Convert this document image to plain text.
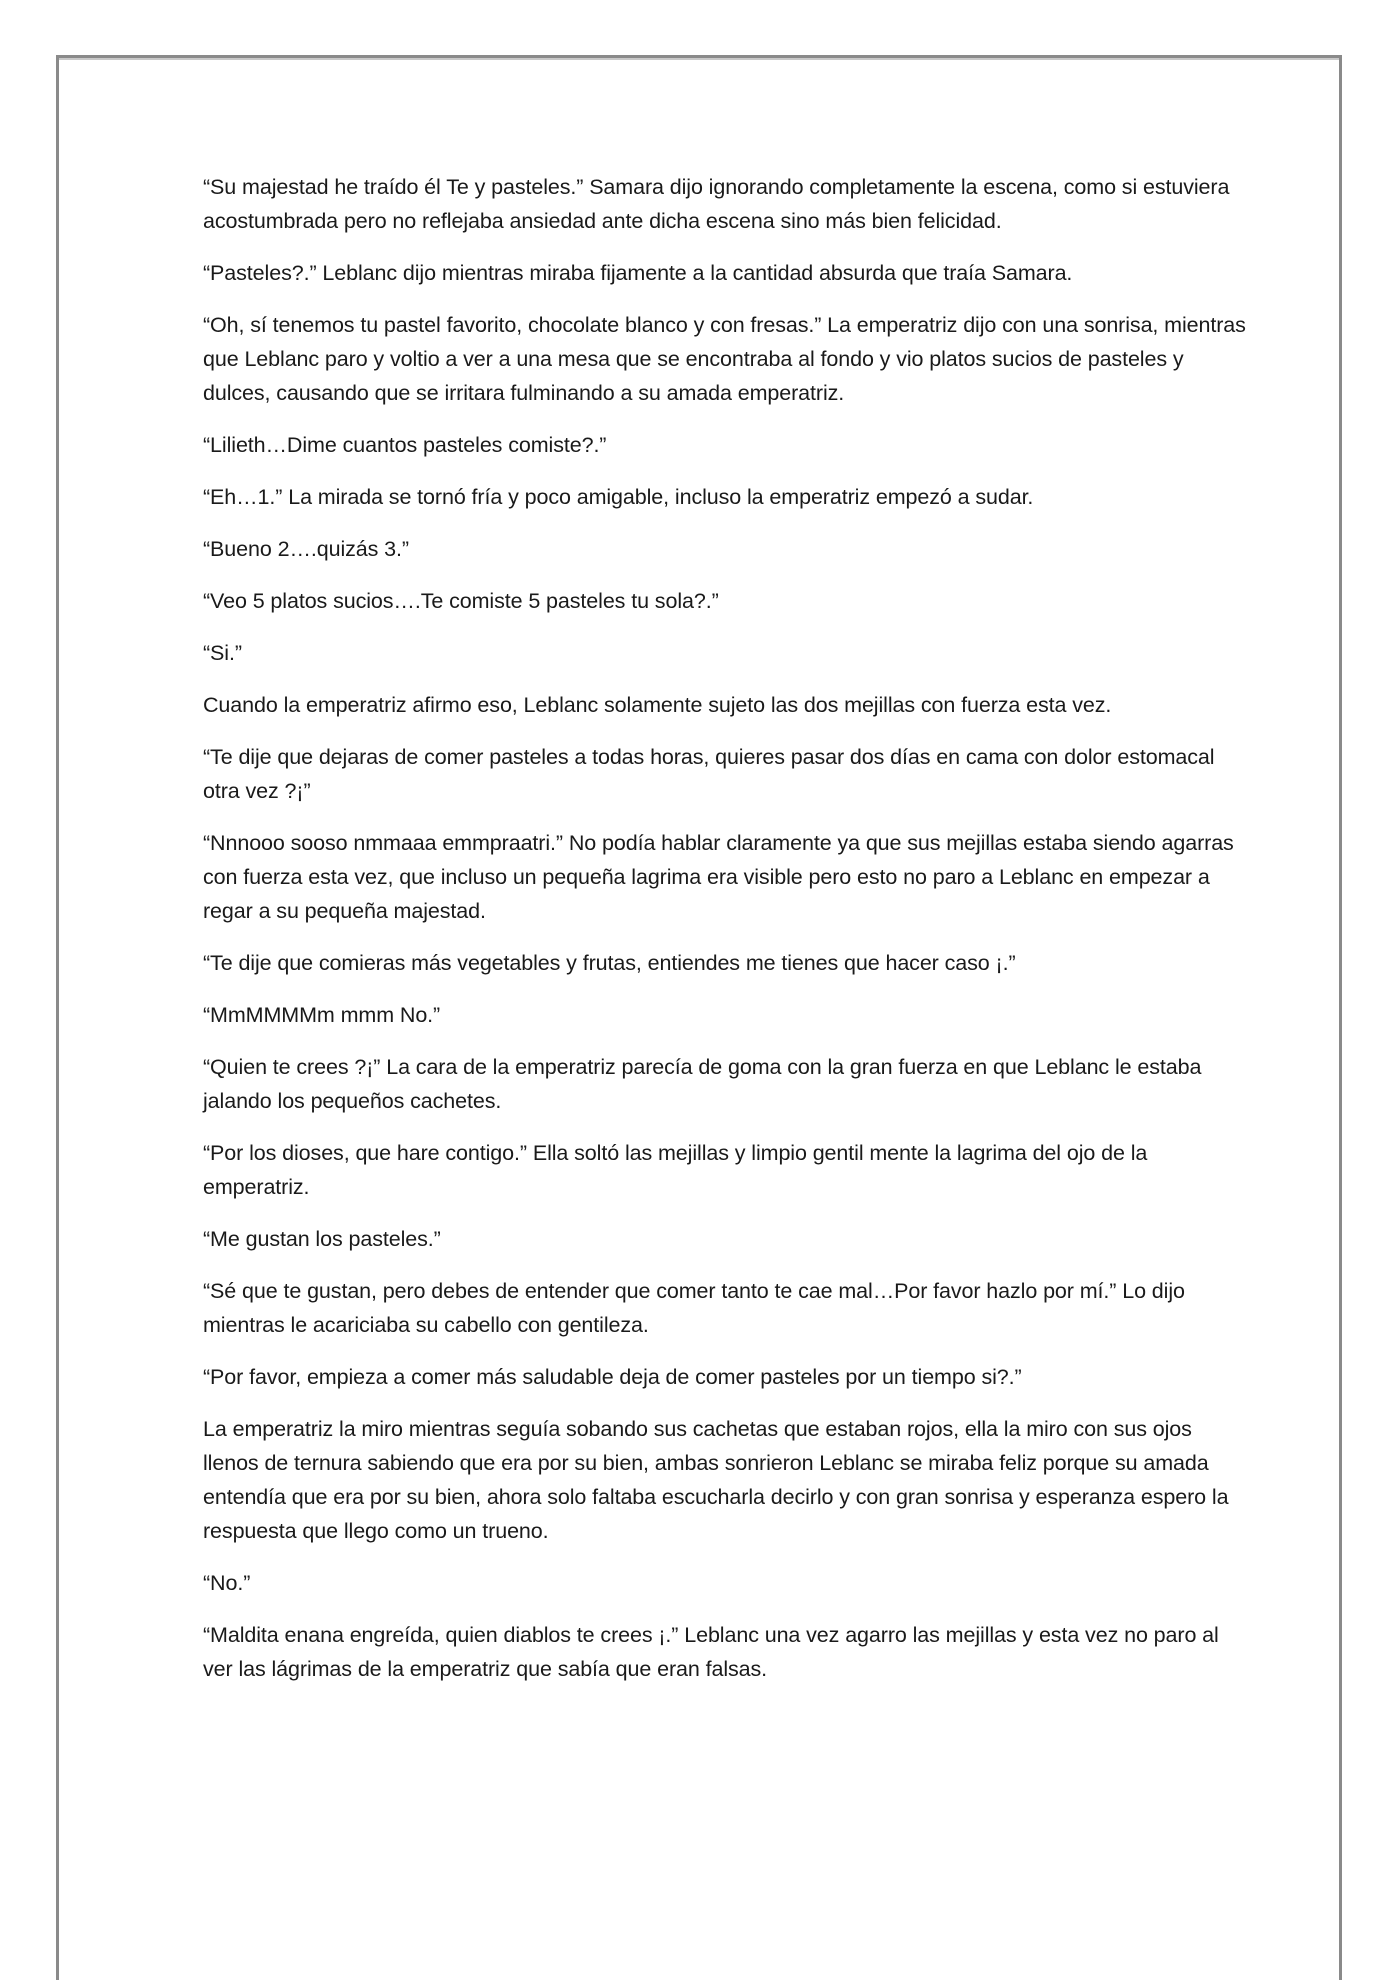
“Su majestad he traído él Te y pasteles.” Samara dijo ignorando completamente la escena, como si estuviera acostumbrada pero no reflejaba ansiedad ante dicha escena sino más bien felicidad.

“Pasteles?.” Leblanc dijo mientras miraba fijamente a la cantidad absurda que traía Samara.

“Oh, sí tenemos tu pastel favorito, chocolate blanco y con fresas.” La emperatriz dijo con una sonrisa, mientras que Leblanc paro y voltio a ver a una mesa que se encontraba al fondo y vio platos sucios de pasteles y dulces, causando que se irritara fulminando a su amada emperatriz.

“Lilieth…Dime cuantos pasteles comiste?.”

“Eh…1.” La mirada se tornó fría y poco amigable, incluso la emperatriz empezó a sudar.

“Bueno 2….quizás 3.”

“Veo 5 platos sucios….Te comiste 5 pasteles tu sola?.”

“Si.”

Cuando la emperatriz afirmo eso, Leblanc solamente sujeto las dos mejillas con fuerza esta vez.

“Te dije que dejaras de comer pasteles a todas horas, quieres pasar dos días en cama con dolor estomacal otra vez ?¡”

“Nnnooo sooso nmmaaa emmpraatri.” No podía hablar claramente ya que sus mejillas estaba siendo agarras con fuerza esta vez, que incluso un pequeña lagrima era visible pero esto no paro a Leblanc en empezar a regar a su pequeña majestad.

“Te dije que comieras más vegetables y frutas, entiendes me tienes que hacer caso ¡.”

“MmMMMMm mmm No.”

“Quien te crees ?¡” La cara de la emperatriz parecía de goma con la gran fuerza en que Leblanc le estaba jalando los pequeños cachetes.

“Por los dioses, que hare contigo.” Ella soltó las mejillas y limpio gentil mente la lagrima del ojo de la emperatriz.

“Me gustan los pasteles.”

“Sé que te gustan, pero debes de entender que comer tanto te cae mal…Por favor hazlo por mí.” Lo dijo mientras le acariciaba su cabello con gentileza.

“Por favor, empieza a comer más saludable deja de comer pasteles por un tiempo si?.”

La emperatriz la miro mientras seguía sobando sus cachetas que estaban rojos, ella la miro con sus ojos llenos de ternura sabiendo que era por su bien, ambas sonrieron Leblanc se miraba feliz porque su amada entendía que era por su bien, ahora solo faltaba escucharla decirlo y con gran sonrisa y esperanza espero la respuesta que llego como un trueno.

“No.”

“Maldita enana engreída, quien diablos te crees ¡.” Leblanc una vez agarro las mejillas y esta vez no paro al ver las lágrimas de la emperatriz que sabía que eran falsas.
